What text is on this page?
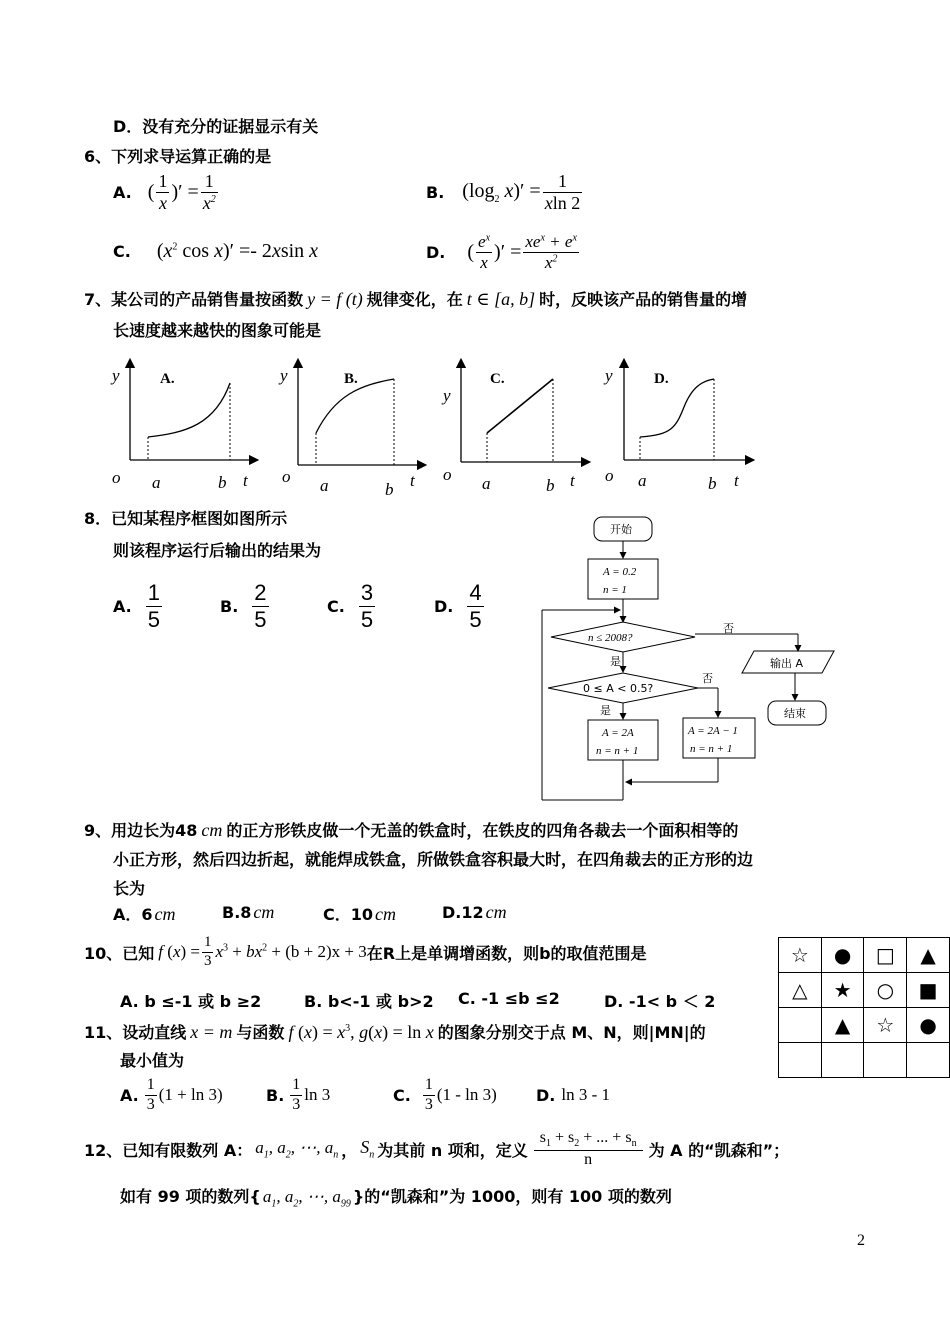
D．没有充分的证据显示有关
6、下列求导运算正确的是
A. ( $\frac{1}{x}$ )′ = $\frac{1}{x^2}$	B. ($\log_2$ $x)' = \frac{1}{xln 2}$
C. ($x^2$ cos x)′ =- 2xsin x	D. ( $\frac{e^x}{x}$ )′ = $\frac{xe^x + e^x}{x^2}$
7、某公司的产品销售量按函数 y = f (t) 规律变化，在 t ∈ [a, b] 时，反映该产品的销售量的增
长速度越来越快的图象可能是
y	A.
o a	b t
y	B.
o a	b t
y
C.
o a	b t
y	D.
o a	b t
8．已知某程序框图如图所示
则该程序运行后输出的结果为
A. $\frac{1}{5}$	B. $\frac{2}{5}$	C. $\frac{3}{5}$	D. $\frac{4}{5}$
开始
A = 0.2
n = 1
n ≤ 2008?
否
是
0 ≤ A < 0.5?
否
是
A = 2A
n = n + 1
A = 2A − 1
n = n + 1
输出 A
结束
9、用边长为48 cm 的正方形铁皮做一个无盖的铁盒时，在铁皮的四角各裁去一个面积相等的
小正方形，然后四边折起，就能焊成铁盒，所做铁盒容积最大时，在四角裁去的正方形的边
长为
A．6 cm	B.8 cm	C．10 cm	D.12 cm
10、已知 f $(x) = \frac{1}{3} x^3 + bx^2 + (b + 2)x + 3$ 在R上是单调增函数，则b的取值范围是
A. b ≤-1 或 b ≥2	B. b<-1 或 b>2 C. -1 ≤b ≤2	D. -1< b ＜ 2
11、设动直线 x = m 与函数 f $(x) = x^3$, g(x) = ln x 的图象分别交于点 M、N，则|MN|的
最小值为
A. $\frac{1}{3} (1 + \ln 3)$	B. $\frac{1}{3}$ ln 3	C. $\frac{1}{3} (1$ - ln 3) D. ln 3 - 1
☆	●	□	▲
△	★	○	■
	▲	☆	●

12、已知有限数列 A： $a_1$, $a_2$, ⋯, $a_n$ ， $S_n$ 为其前 n 项和，定义 $\frac{s_1 + s_2 + ... + s_n}{n}$ 为 A 的“凯森和”；
如有 99 项的数列{ $a_1$, $a_2$, ⋯, $a_{99}$ }的“凯森和”为 1000，则有 100 项的数列
2
